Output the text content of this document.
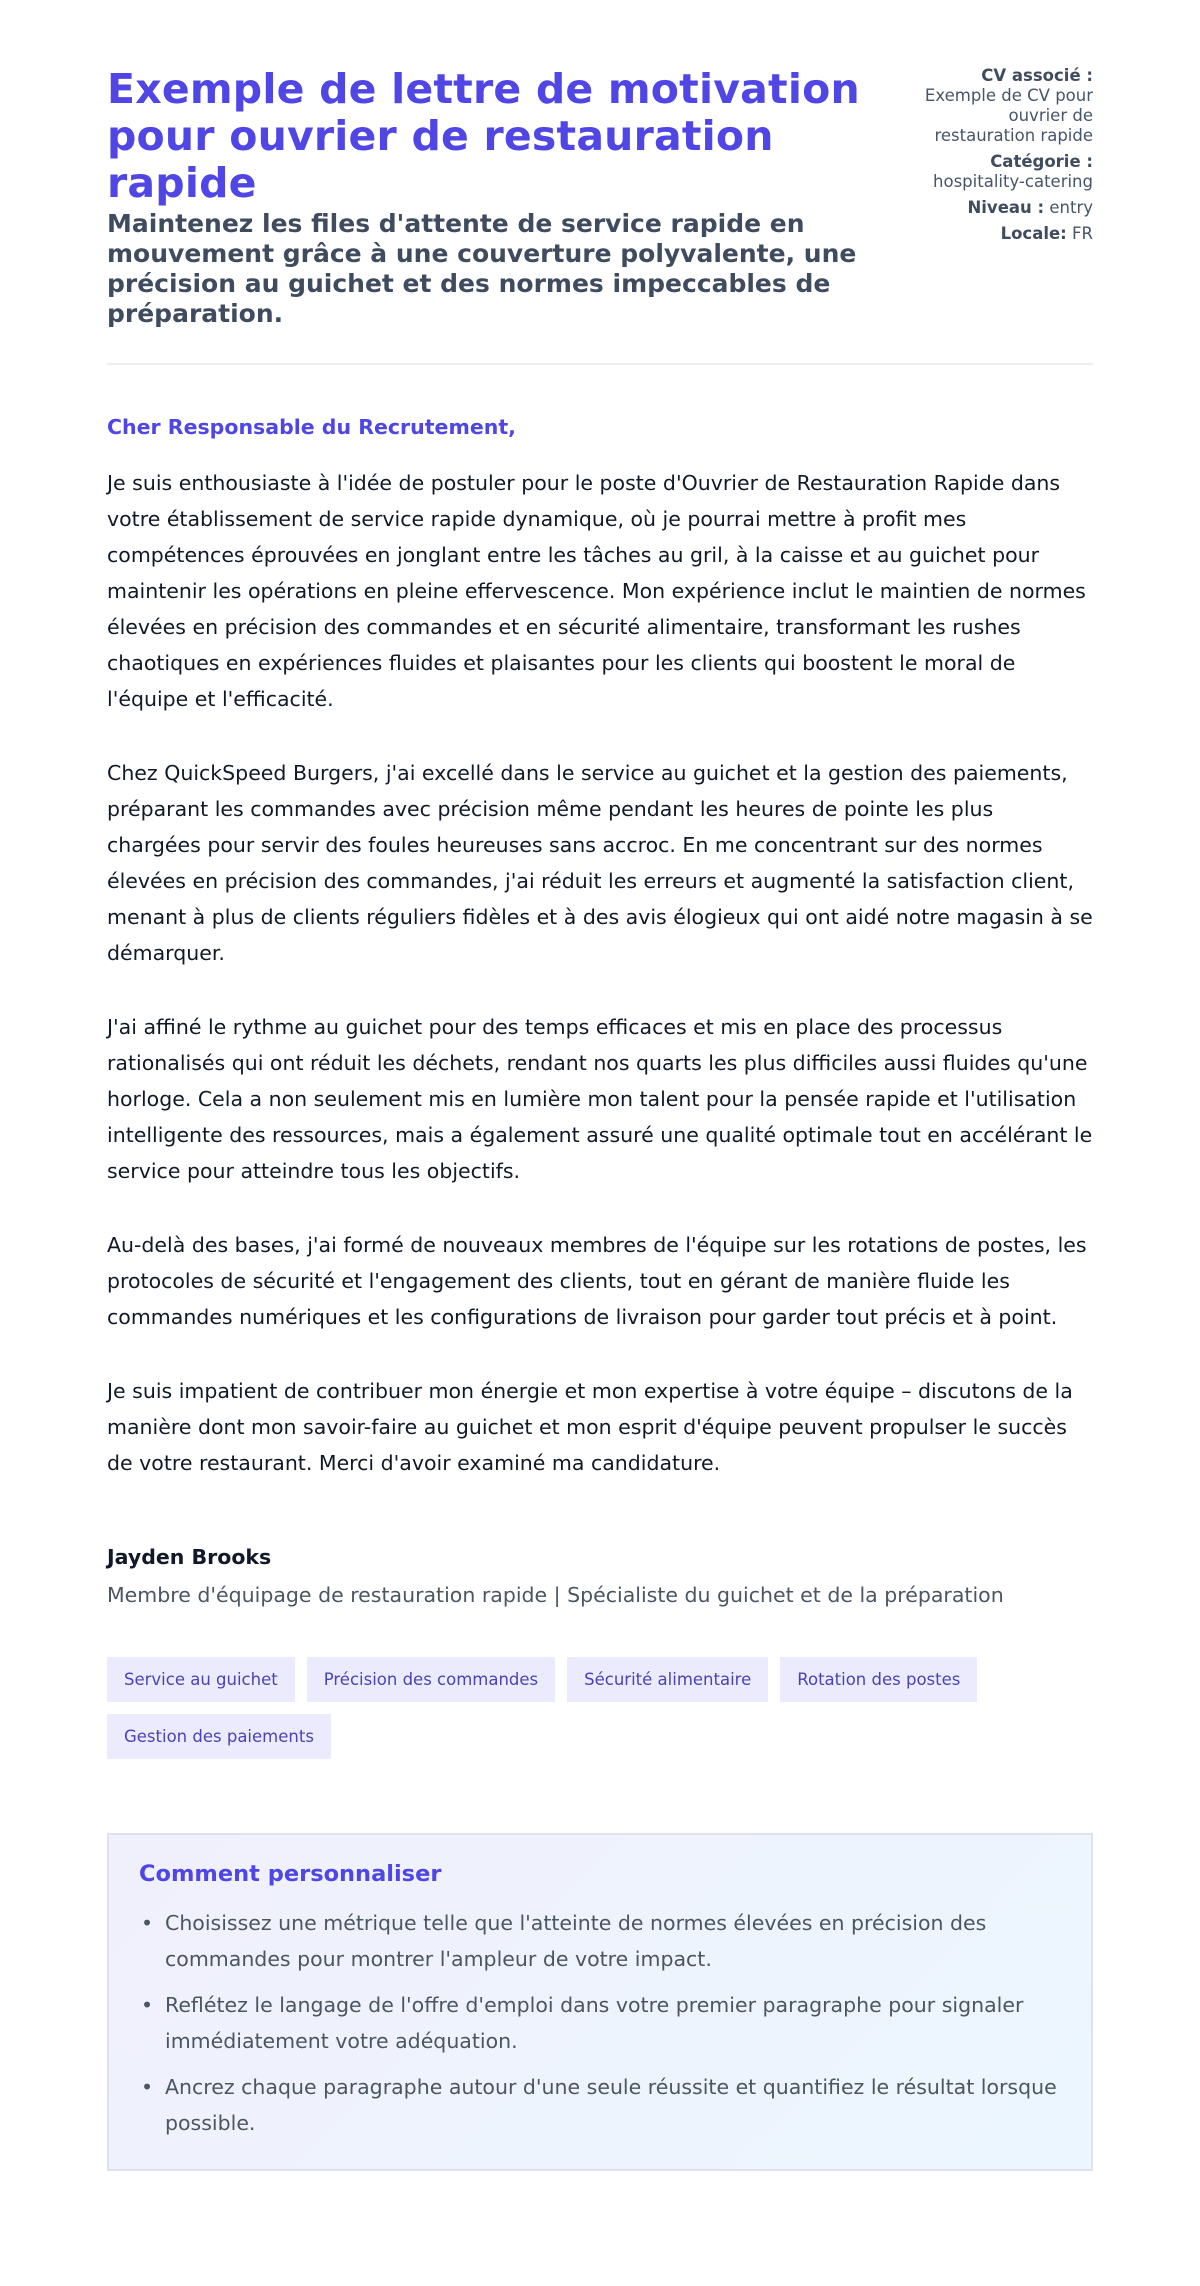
Exemple de lettre de motivation pour ouvrier de restauration rapide
Maintenez les files d'attente de service rapide en mouvement grâce à une couverture polyvalente, une précision au guichet et des normes impeccables de préparation.
CV associé :
Exemple de CV pour ouvrier de restauration rapide
Catégorie :
hospitality-catering
Niveau : entry
Locale: FR

Cher Responsable du Recrutement,

Je suis enthousiaste à l'idée de postuler pour le poste d'Ouvrier de Restauration Rapide dans votre établissement de service rapide dynamique, où je pourrai mettre à profit mes compétences éprouvées en jonglant entre les tâches au gril, à la caisse et au guichet pour maintenir les opérations en pleine effervescence. Mon expérience inclut le maintien de normes élevées en précision des commandes et en sécurité alimentaire, transformant les rushes chaotiques en expériences fluides et plaisantes pour les clients qui boostent le moral de l'équipe et l'efficacité.

Chez QuickSpeed Burgers, j'ai excellé dans le service au guichet et la gestion des paiements, préparant les commandes avec précision même pendant les heures de pointe les plus chargées pour servir des foules heureuses sans accroc. En me concentrant sur des normes élevées en précision des commandes, j'ai réduit les erreurs et augmenté la satisfaction client, menant à plus de clients réguliers fidèles et à des avis élogieux qui ont aidé notre magasin à se démarquer.

J'ai affiné le rythme au guichet pour des temps efficaces et mis en place des processus rationalisés qui ont réduit les déchets, rendant nos quarts les plus difficiles aussi fluides qu'une horloge. Cela a non seulement mis en lumière mon talent pour la pensée rapide et l'utilisation intelligente des ressources, mais a également assuré une qualité optimale tout en accélérant le service pour atteindre tous les objectifs.

Au-delà des bases, j'ai formé de nouveaux membres de l'équipe sur les rotations de postes, les protocoles de sécurité et l'engagement des clients, tout en gérant de manière fluide les commandes numériques et les configurations de livraison pour garder tout précis et à point.

Je suis impatient de contribuer mon énergie et mon expertise à votre équipe – discutons de la manière dont mon savoir-faire au guichet et mon esprit d'équipe peuvent propulser le succès de votre restaurant. Merci d'avoir examiné ma candidature.

Jayden Brooks
Membre d'équipage de restauration rapide | Spécialiste du guichet et de la préparation
Service au guichet	Précision des commandes	Sécurité alimentaire	Rotation des postes
Gestion des paiements
Comment personnaliser
• Choisissez une métrique telle que l'atteinte de normes élevées en précision des commandes pour montrer l'ampleur de votre impact.
• Reflétez le langage de l'offre d'emploi dans votre premier paragraphe pour signaler immédiatement votre adéquation.
• Ancrez chaque paragraphe autour d'une seule réussite et quantifiez le résultat lorsque possible.
